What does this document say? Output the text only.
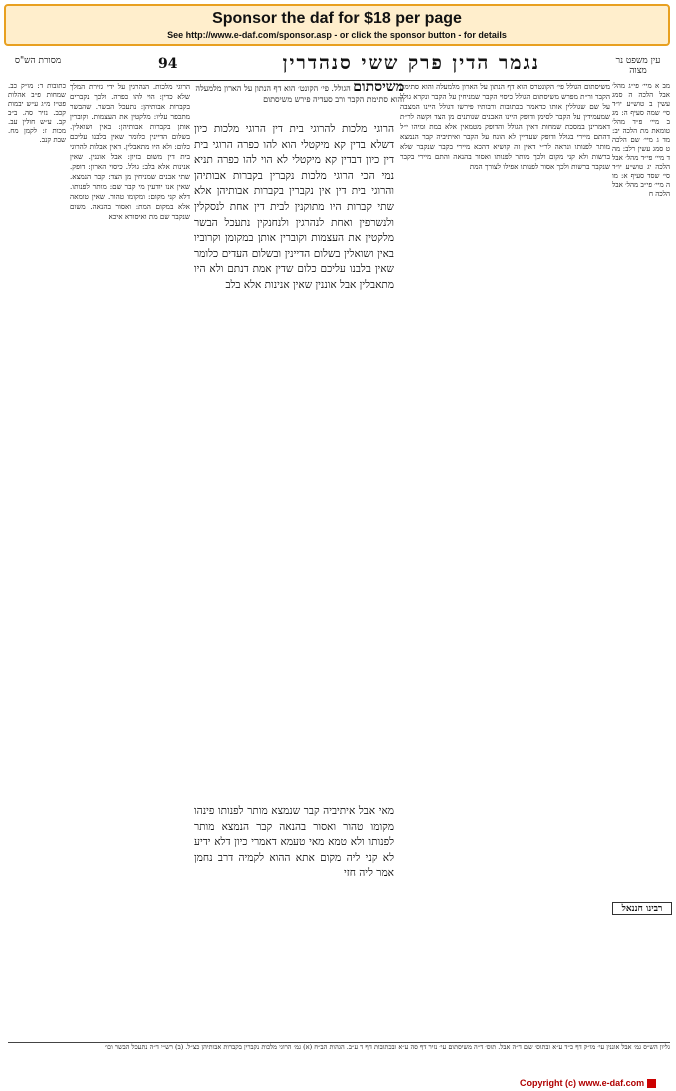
Sponsor the daf for $18 per page
See http://www.e-daf.com/sponsor.asp - or click the sponsor button - for details
עין משפט נר מצוה
נגמר הדין פרק ששי סנהדרין
94
מסורת הש"ס
מב א מיי׳ פי״ג מהל׳ אבל הלכה ה סמג עשין ב טוש״ע יו״ד סי׳ שמה סעיף ה: מג ב מיי׳ פ״ד מהל׳ טומאת מת הלכה יב: מד ג מיי׳ שם הלכה ט סמג עשין רלב: מה ד מיי׳ פי״ד מהל׳ אבל הלכה יג טוש״ע יו״ד סי׳ שסד סעיף א: מו ה מיי׳ פי״ב מהל׳ אבל הלכה ח
משיסתום הגולל פי׳ הקונטרס הוא דף הנתון על הארון מלמעלה והוא סתימת הקבר ור״ת מפרש משיסתום הגולל כיסוי הקבר שמניחין על הקבר ונקרא גולל על שם שגוללין אותו כדאמר בכתובות ורבותיו פירשו דגולל היינו המצבה שמעמידין על הקבר לסימן ודופק היינו האבנים שנותנים מן הצד וקשה לר״ת דאמרינן במסכת שמחות דאין הגולל והדופק מטמאין אלא במת ומיהו י״ל דהתם מיירי בגולל ודופק שעדיין לא הונח על הקבר ואיתיביה קבר הנמצא מותר לפנותו ונראה לר״י דאין זה קושיא דהכא מיירי בקבר שנקבר שלא ברשות ולא קני מקום ולכך מותר לפנותו ואסור בהנאה והתם מיירי בקבר שנקבר ברשות ולכך אסור לפנותו אפילו לצורך המת
משיסתום הגולל. פי׳ הקונט׳ הוא דף הנתון על הארון מלמעלה והוא סתימת הקבר ורב סעדיה פירש משיסתום
הרוגי מלכות להרוגי בית דין הרוגי מלכות כיון דשלא בדין קא מיקטלי הוא להו כפרה הרוגי בית דין כיון דבדין קא מיקטלי לא הוי להו כפרה תניא נמי הכי הרוגי מלכות נקברין בקברות אבותיהן והרוגי בית דין אין נקברין בקברות אבותיהן אלא שתי קברות היו מתוקנין לבית דין אחת לנסקלין ולנשרפין ואחת לנהרגין ולנחנקין נתעכל הבשר מלקטין את העצמות וקוברין אותן במקומן וקרוביו באין ושואלין בשלום הדיינין ובשלום העדים כלומר שאין בלבנו עליכם כלום שדין אמת דנתם ולא היו מתאבלין אבל אוננין שאין אנינות אלא בלב
מאי אבל איתיביה קבר שנמצא מותר לפנותו פינהו מקומו טהור ואסור בהנאה קבר הנמצא מותר לפנותו ולא טמא מאי טעמא דאמרי כיון דלא ידיע לא קני ליה מקום אתא ההוא לקמיה דרב נחמן אמר ליה חזי
הרוגי מלכות. הנהרגין על ידי גזירת המלך שלא כדין: הוי להו כפרה. ולכך נקברים בקברות אבותיהן: נתעכל הבשר. שהבשר מתכפר עליו: מלקטין את העצמות. וקוברין אותן בקברות אבותיהן: באין ושואלין. בשלום הדיינין כלומר שאין בלבנו עליכם כלום: ולא היו מתאבלין. דאין אבלות להרוגי בית דין משום בזיון: אבל אוננין. שאין אנינות אלא בלב: גולל. כיסוי הארון: דופק. שתי אבנים שמניחין מן הצד: קבר הנמצא. שאין אנו יודעין מי קבר שם: מותר לפנותו. דלא קני מקום: ומקומו טהור. שאין טומאה אלא במקום המת: ואסור בהנאה. משום שנקבר שם מת ואיסורא איכא
כתובות ד: מו״ק כב. שמחות פ״ב אהלות פט״ז מ״ג ע״ש יבמות קכב. נזיר סה. ב״ב קב. ע״ש חולין עב. מכות ז: לקמן מח. שבת קנב.
רבינו חננאל
גליון הש״ס גמ׳ אבל אוננין עי׳ מו״ק דף כ״ד ע״א ובתוס׳ שם ד״ה אבל. תוס׳ ד״ה משיסתום עי׳ נזיר דף סה ע״א ובכתובות דף ד ע״ב. הגהות הב״ח (א) גמ׳ הרוגי מלכות נקברין בקברות אבותיהן כצ״ל. (ב) רש״י ד״ה נתעכל הבשר וכו׳
Copyright (c) www.e-daf.com
